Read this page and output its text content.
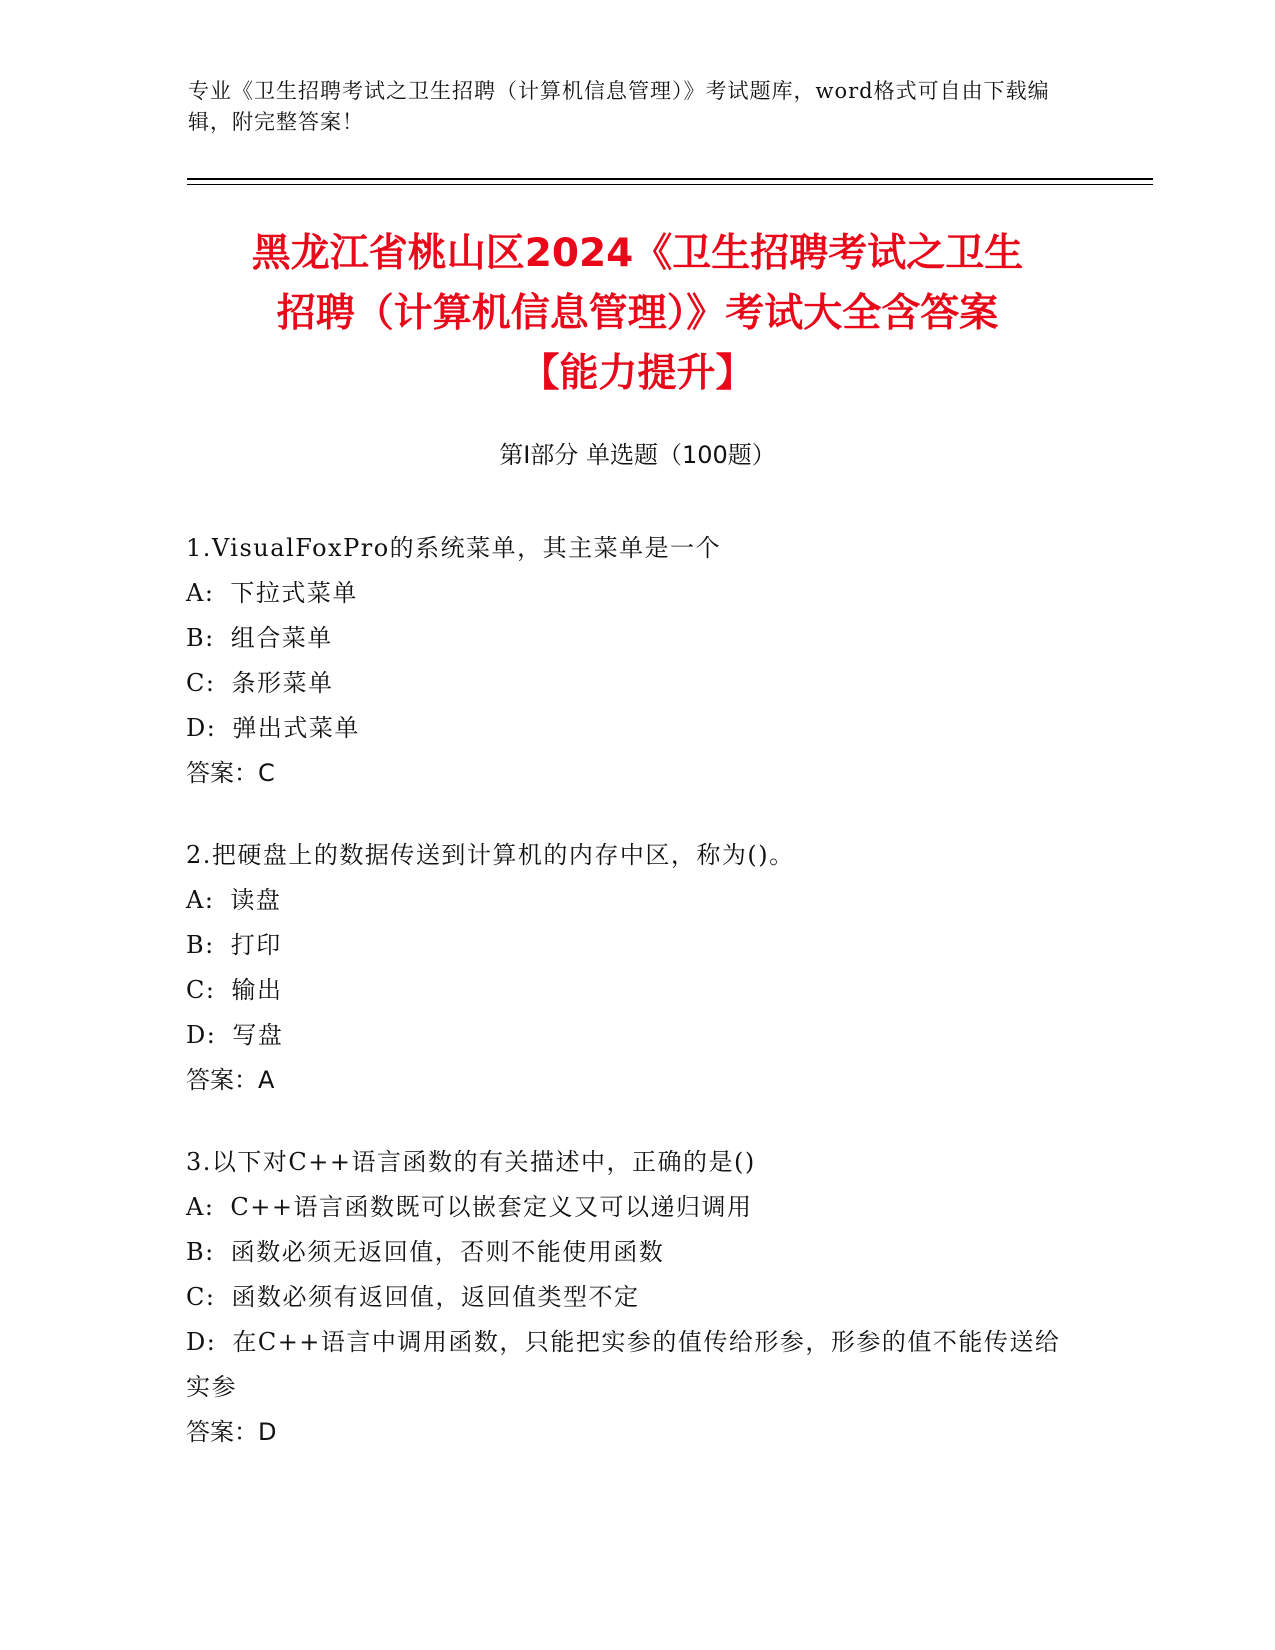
专业《卫生招聘考试之卫生招聘（计算机信息管理）》考试题库，word格式可自由下载编辑，附完整答案！
黑龙江省桃山区2024《卫生招聘考试之卫生
招聘（计算机信息管理）》考试大全含答案
【能力提升】
第Ⅰ部分 单选题（100题）
1.VisualFoxPro的系统菜单，其主菜单是一个
A: 下拉式菜单
B: 组合菜单
C: 条形菜单
D: 弹出式菜单
答案：C
2.把硬盘上的数据传送到计算机的内存中区，称为()。
A: 读盘
B: 打印
C: 输出
D: 写盘
答案：A
3.以下对C++语言函数的有关描述中，正确的是()
A: C++语言函数既可以嵌套定义又可以递归调用
B: 函数必须无返回值，否则不能使用函数
C: 函数必须有返回值，返回值类型不定
D: 在C++语言中调用函数，只能把实参的值传给形参，形参的值不能传送给实参
答案：D
